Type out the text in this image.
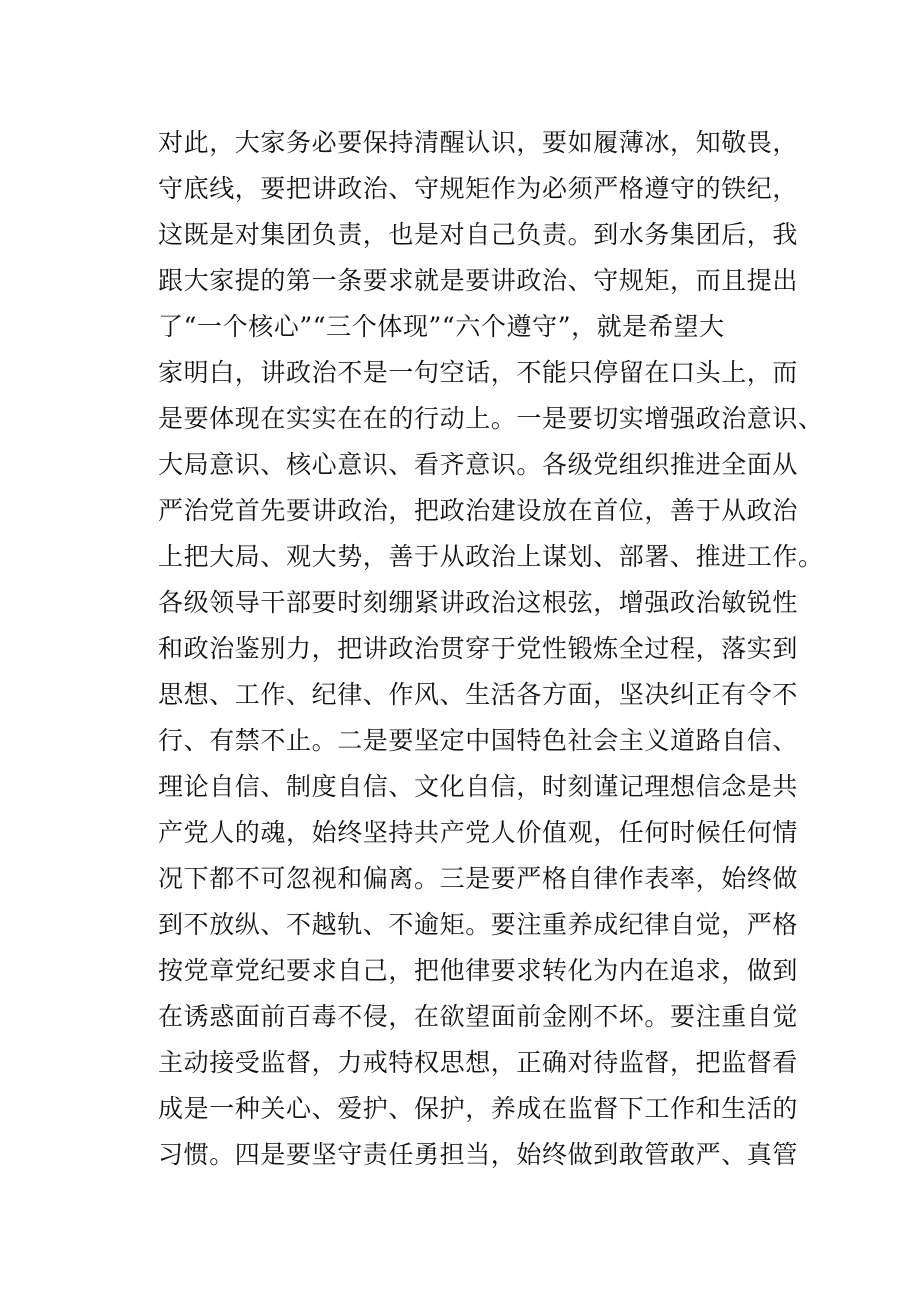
对此，大家务必要保持清醒认识，要如履薄冰，知敬畏，
守底线，要把讲政治、守规矩作为必须严格遵守的铁纪，
这既是对集团负责，也是对自己负责。到水务集团后，我
跟大家提的第一条要求就是要讲政治、守规矩，而且提出
了“一个核心”“三个体现”“六个遵守”，就是希望大
家明白，讲政治不是一句空话，不能只停留在口头上，而
是要体现在实实在在的行动上。一是要切实增强政治意识、
大局意识、核心意识、看齐意识。各级党组织推进全面从
严治党首先要讲政治，把政治建设放在首位，善于从政治
上把大局、观大势，善于从政治上谋划、部署、推进工作。
各级领导干部要时刻绷紧讲政治这根弦，增强政治敏锐性
和政治鉴别力，把讲政治贯穿于党性锻炼全过程，落实到
思想、工作、纪律、作风、生活各方面，坚决纠正有令不
行、有禁不止。二是要坚定中国特色社会主义道路自信、
理论自信、制度自信、文化自信，时刻谨记理想信念是共
产党人的魂，始终坚持共产党人价值观，任何时候任何情
况下都不可忽视和偏离。三是要严格自律作表率，始终做
到不放纵、不越轨、不逾矩。要注重养成纪律自觉，严格
按党章党纪要求自己，把他律要求转化为内在追求，做到
在诱惑面前百毒不侵，在欲望面前金刚不坏。要注重自觉
主动接受监督，力戒特权思想，正确对待监督，把监督看
成是一种关心、爱护、保护，养成在监督下工作和生活的
习惯。四是要坚守责任勇担当，始终做到敢管敢严、真管
